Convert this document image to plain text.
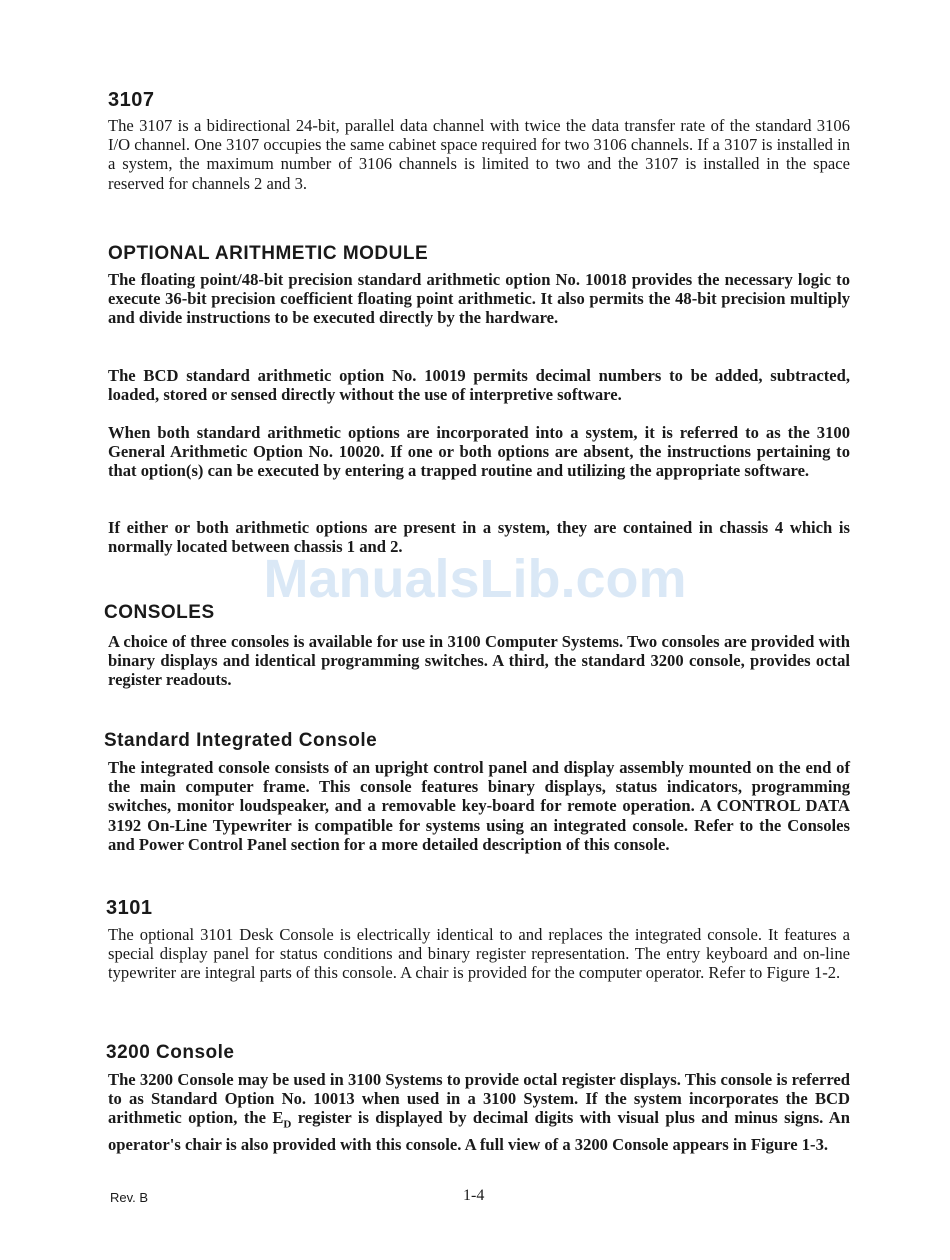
3107

The 3107 is a bidirectional 24-bit, parallel data channel with twice the data transfer rate of the standard 3106 I/O channel. One 3107 occupies the same cabinet space required for two 3106 channels. If a 3107 is installed in a system, the maximum number of 3106 channels is limited to two and the 3107 is installed in the space reserved for channels 2 and 3.

OPTIONAL ARITHMETIC MODULE

The floating point/48-bit precision standard arithmetic option No. 10018 provides the necessary logic to execute 36-bit precision coefficient floating point arithmetic. It also permits the 48-bit precision multiply and divide instructions to be executed directly by the hardware.

The BCD standard arithmetic option No. 10019 permits decimal numbers to be added, subtracted, loaded, stored or sensed directly without the use of interpretive software.

When both standard arithmetic options are incorporated into a system, it is referred to as the 3100 General Arithmetic Option No. 10020. If one or both options are absent, the instructions pertaining to that option(s) can be executed by entering a trapped routine and utilizing the appropriate software.

If either or both arithmetic options are present in a system, they are contained in chassis 4 which is normally located between chassis 1 and 2.

ManualsLib.com
CONSOLES

A choice of three consoles is available for use in 3100 Computer Systems. Two consoles are provided with binary displays and identical programming switches. A third, the standard 3200 console, provides octal register readouts.

Standard Integrated Console

The integrated console consists of an upright control panel and display assembly mounted on the end of the main computer frame. This console features binary displays, status indicators, programming switches, monitor loudspeaker, and a removable key-board for remote operation. A CONTROL DATA 3192 On-Line Typewriter is compatible for systems using an integrated console. Refer to the Consoles and Power Control Panel section for a more detailed description of this console.

3101

The optional 3101 Desk Console is electrically identical to and replaces the integrated console. It features a special display panel for status conditions and binary register representation. The entry keyboard and on-line typewriter are integral parts of this console. A chair is provided for the computer operator. Refer to Figure 1-2.

3200 Console

The 3200 Console may be used in 3100 Systems to provide octal register displays. This console is referred to as Standard Option No. 10013 when used in a 3100 System. If the system incorporates the BCD arithmetic option, the $E_D$ register is displayed by decimal digits with visual plus and minus signs. An operator's chair is also provided with this console. A full view of a 3200 Console appears in Figure 1-3.

Rev. B	1-4
